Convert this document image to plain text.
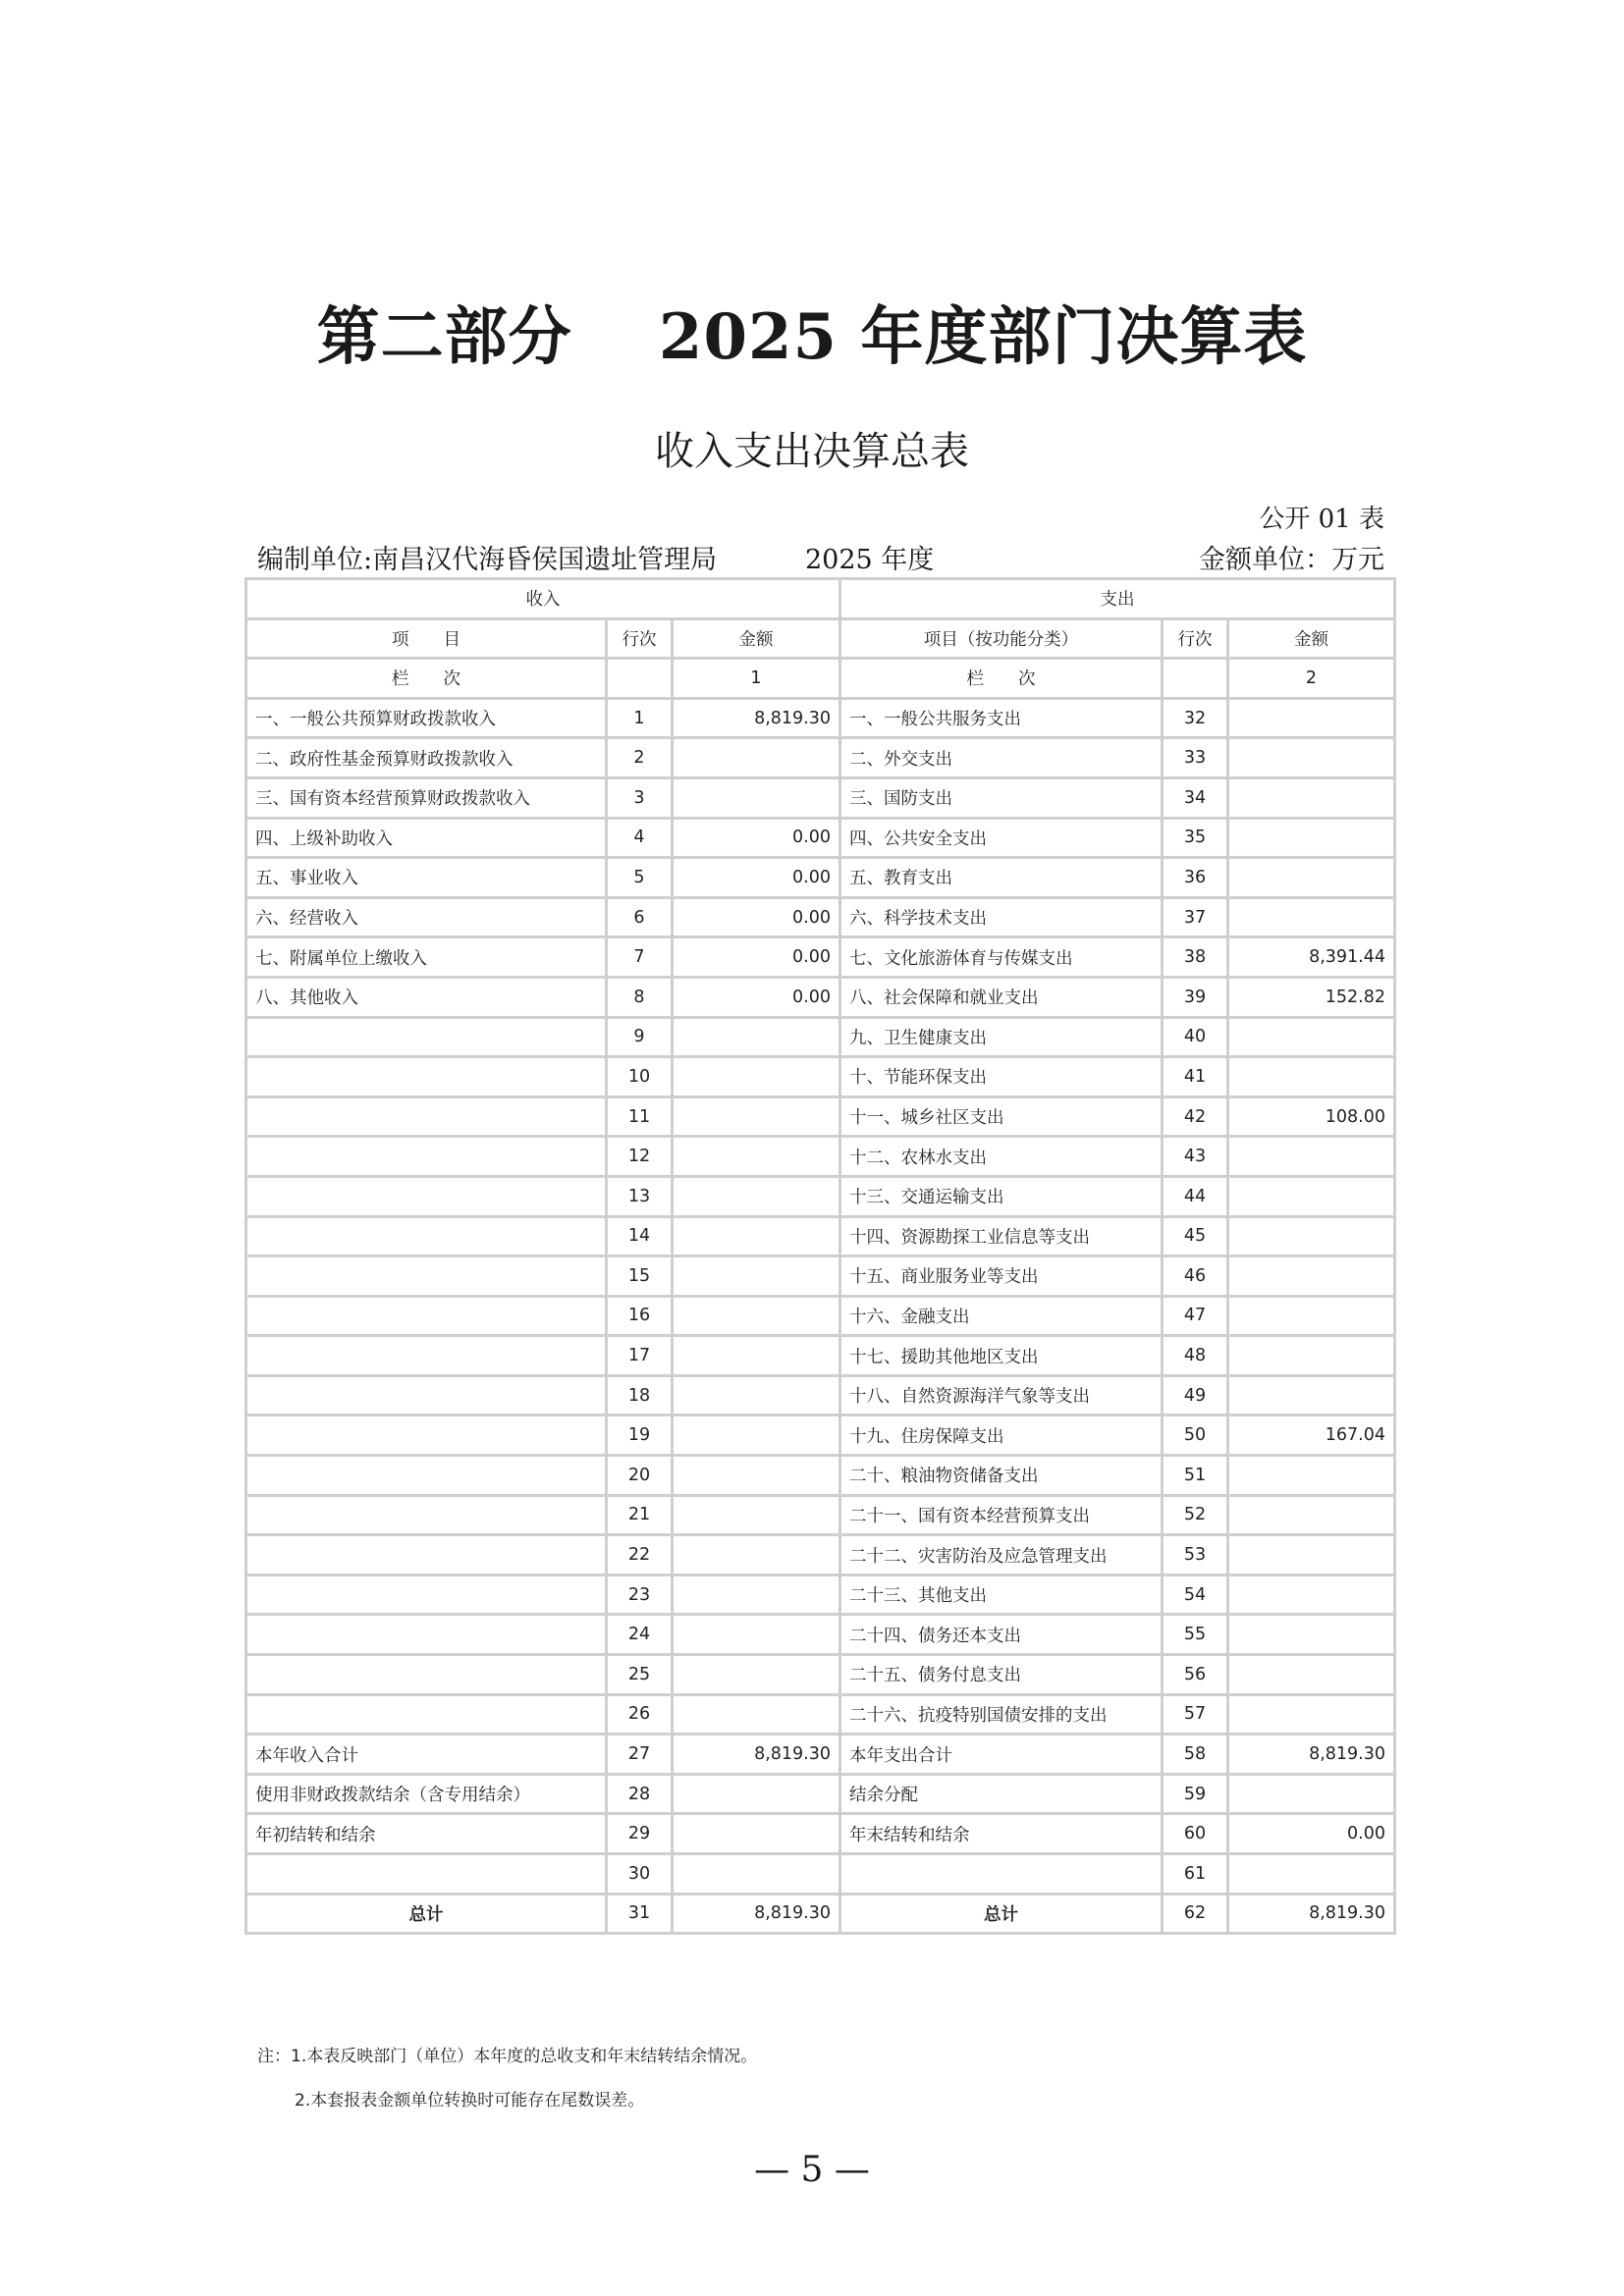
第二部分　 2025 年度部门决算表
收入支出决算总表
公开 01 表
编制单位:南昌汉代海昏侯国遗址管理局	2025 年度	金额单位：万元
收入			支出		
项　　目	行次	金额	项目（按功能分类）	行次	金额
栏　　次		1	栏　　次		2
一、一般公共预算财政拨款收入	1	8,819.30	一、一般公共服务支出	32	
二、政府性基金预算财政拨款收入	2		二、外交支出	33	
三、国有资本经营预算财政拨款收入	3		三、国防支出	34	
四、上级补助收入	4	0.00	四、公共安全支出	35	
五、事业收入	5	0.00	五、教育支出	36	
六、经营收入	6	0.00	六、科学技术支出	37	
七、附属单位上缴收入	7	0.00	七、文化旅游体育与传媒支出	38	8,391.44
八、其他收入	8	0.00	八、社会保障和就业支出	39	152.82
	9		九、卫生健康支出	40	
	10		十、节能环保支出	41	
	11		十一、城乡社区支出	42	108.00
	12		十二、农林水支出	43	
	13		十三、交通运输支出	44	
	14		十四、资源勘探工业信息等支出	45	
	15		十五、商业服务业等支出	46	
	16		十六、金融支出	47	
	17		十七、援助其他地区支出	48	
	18		十八、自然资源海洋气象等支出	49	
	19		十九、住房保障支出	50	167.04
	20		二十、粮油物资储备支出	51	
	21		二十一、国有资本经营预算支出	52	
	22		二十二、灾害防治及应急管理支出	53	
	23		二十三、其他支出	54	
	24		二十四、债务还本支出	55	
	25		二十五、债务付息支出	56	
	26		二十六、抗疫特别国债安排的支出	57	
本年收入合计	27	8,819.30	本年支出合计	58	8,819.30
使用非财政拨款结余（含专用结余）	28		结余分配	59	
年初结转和结余	29		年末结转和结余	60	0.00
	30			61	
总计	31	8,819.30	总计	62	8,819.30
注：1.本表反映部门（单位）本年度的总收支和年末结转结余情况。
2.本套报表金额单位转换时可能存在尾数误差。
— 5 —
